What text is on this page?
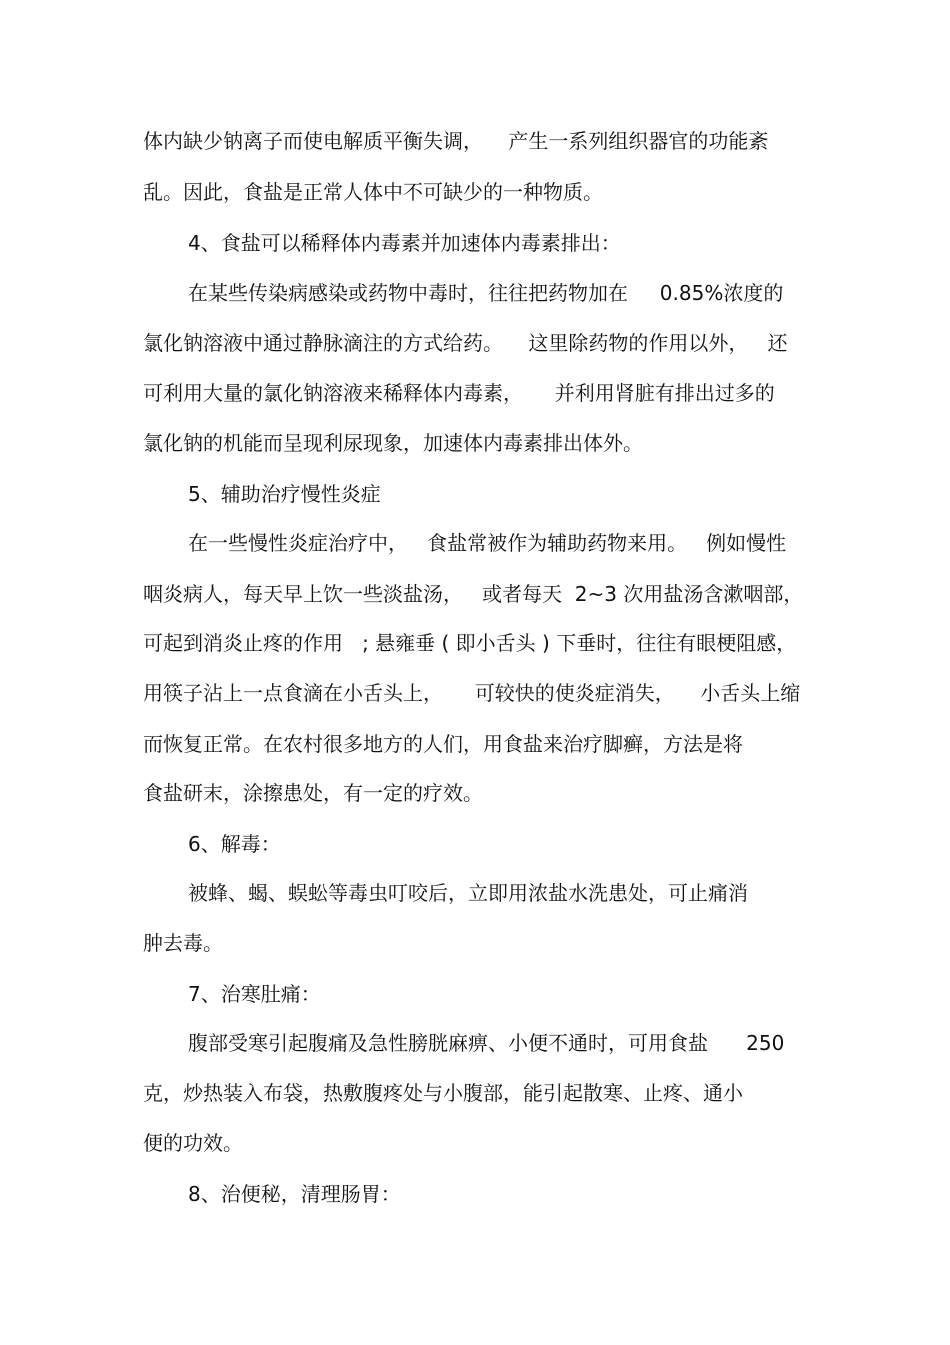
体内缺少钠离子而使电解质平衡失调，    产生一系列组织器官的功能紊

乱。因此，食盐是正常人体中不可缺少的一种物质。

4、食盐可以稀释体内毒素并加速体内毒素排出：

在某些传染病感染或药物中毒时，往往把药物加在     0.85%浓度的

氯化钠溶液中通过静脉滴注的方式给药。    这里除药物的作用以外，   还

可利用大量的氯化钠溶液来稀释体内毒素，     并利用肾脏有排出过多的

氯化钠的机能而呈现利尿现象，加速体内毒素排出体外。

5、辅助治疗慢性炎症

在一些慢性炎症治疗中，   食盐常被作为辅助药物来用。   例如慢性

咽炎病人，每天早上饮一些淡盐汤，   或者每天  2~3 次用盐汤含漱咽部，

可起到消炎止疼的作用   ; 悬雍垂 ( 即小舌头 ) 下垂时，往往有眼梗阻感，

用筷子沾上一点食滴在小舌头上，     可较快的使炎症消失，    小舌头上缩

而恢复正常。在农村很多地方的人们，用食盐来治疗脚癣，方法是将

食盐研末，涂擦患处，有一定的疗效。

6、解毒：

被蜂、蝎、蜈蚣等毒虫叮咬后，立即用浓盐水洗患处，可止痛消

肿去毒。

7、治寒肚痛：

腹部受寒引起腹痛及急性膀胱麻痹、小便不通时，可用食盐      250

克，炒热装入布袋，热敷腹疼处与小腹部，能引起散寒、止疼、通小

便的功效。

8、治便秘，清理肠胃：
